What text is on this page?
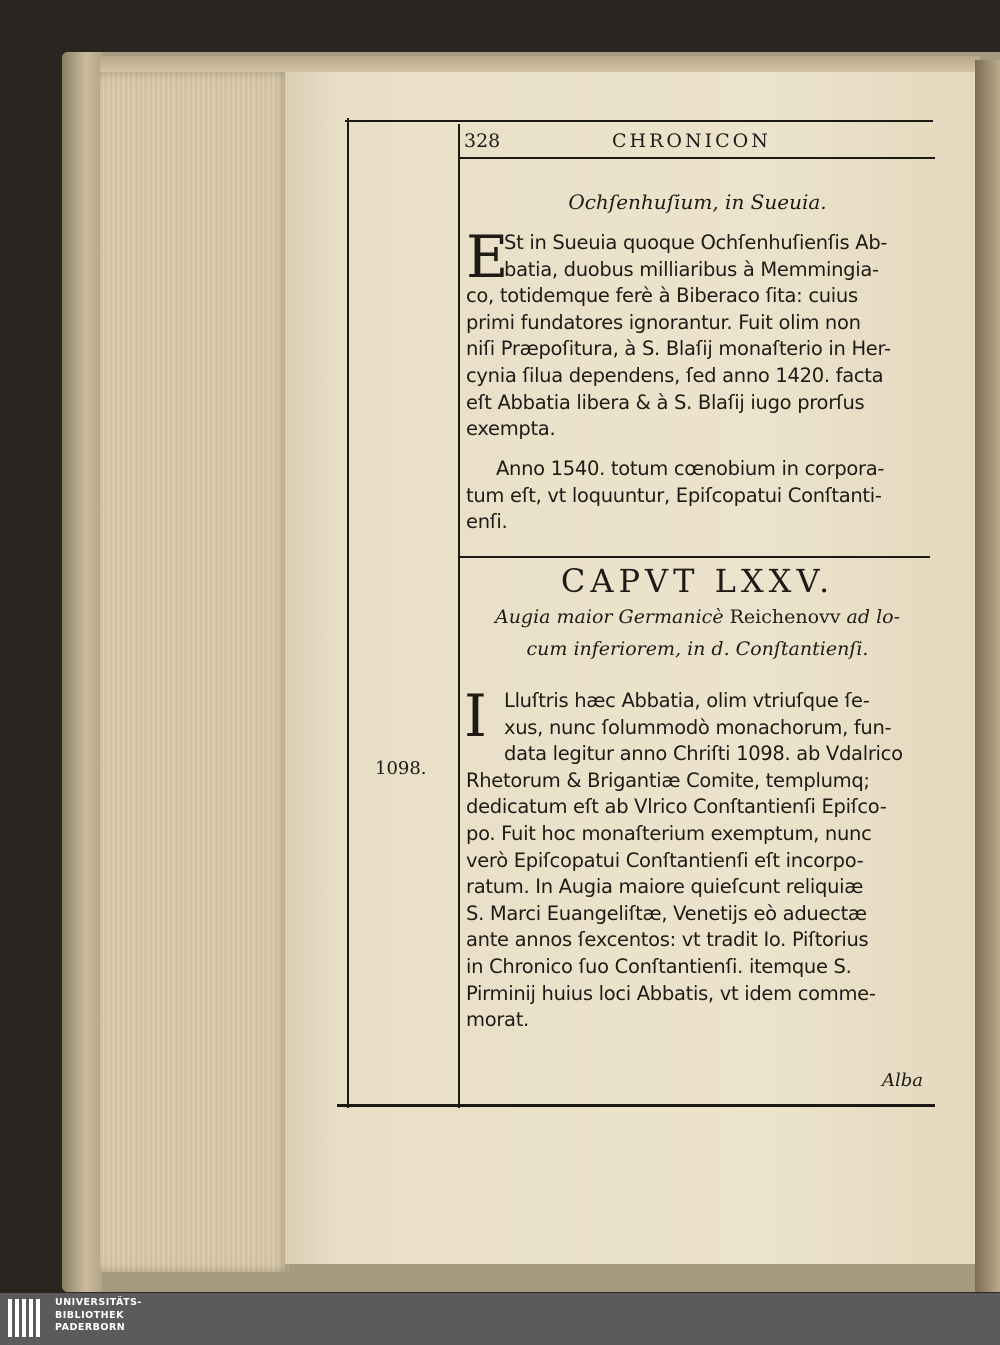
328	CHRONICON
Ochſenhuſium, in Sueuia.
E
St in Sueuia quoque Ochſenhuſienſis Ab-
batia, duobus milliaribus à Memmingia-
co, totidemque ferè à Biberaco ſita: cuius
primi fundatores ignorantur. Fuit olim non
niſi Præpoſitura, à S. Blaſij monaſterio in Her-
cynia ſilua dependens, ſed anno 1420. facta
eſt Abbatia libera & à S. Blaſij iugo prorſus
exempta.
Anno 1540. totum cœnobium in corpora-
tum eſt, vt loquuntur, Epiſcopatui Conſtanti-
enſi.
CAPVT LXXV.
Augia maior Germanicè Reichenovv ad lo-
cum inferiorem, in d. Conſtantienſi.
1098.
I Lluſtris hæc Abbatia, olim vtriuſque ſe-
xus, nunc ſolummodò monachorum, fun-
data legitur anno Chriſti 1098. ab Vdalrico
Rhetorum & Brigantiæ Comite, templumq;
dedicatum eſt ab Vlrico Conſtantienſi Epiſco-
po. Fuit hoc monaſterium exemptum, nunc
verò Epiſcopatui Conſtantienſi eſt incorpo-
ratum. In Augia maiore quieſcunt reliquiæ
S. Marci Euangeliſtæ, Venetijs eò aduectæ
ante annos ſexcentos: vt tradit Io. Piſtorius
in Chronico ſuo Conſtantienſi. itemque S.
Pirminij huius loci Abbatis, vt idem comme-
morat.
Alba
UNIVERSITÄTS-
BIBLIOTHEK
PADERBORN
